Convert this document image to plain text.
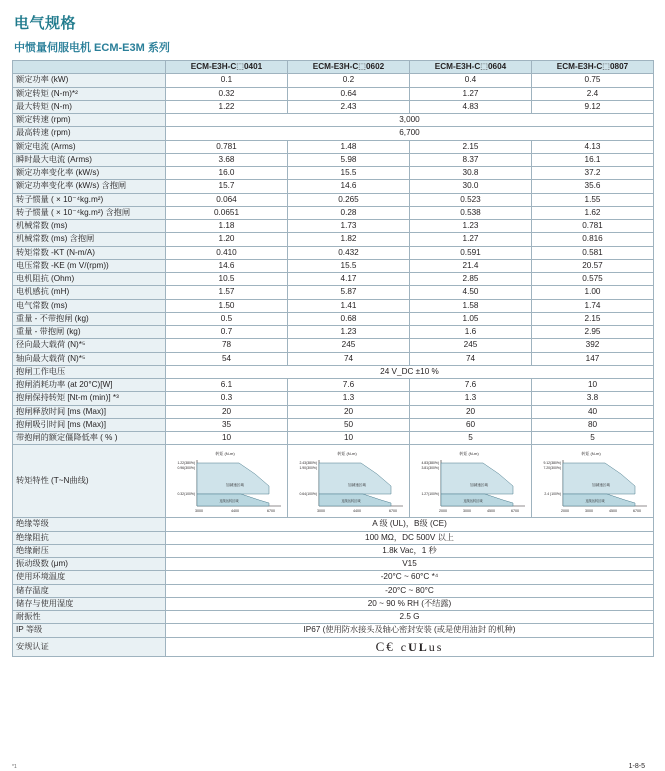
电气规格
中惯量伺服电机 ECM-E3M 系列
	ECM-E3H-C⬚0401	ECM-E3H-C⬚0602	ECM-E3H-C⬚0604	ECM-E3H-C⬚0807
额定功率 (kW)	0.1	0.2	0.4	0.75
额定转矩 (N-m)*²	0.32	0.64	1.27	2.4
最大转矩 (N-m)	1.22	2.43	4.83	9.12
额定转速 (rpm)	3,000			
最高转速 (rpm)	6,700			
额定电流 (Arms)	0.781	1.48	2.15	4.13
瞬时最大电流 (Arms)	3.68	5.98	8.37	16.1
额定功率变化率 (kW/s)	16.0	15.5	30.8	37.2
额定功率变化率 (kW/s) 含抱闸	15.7	14.6	30.0	35.6
转子惯量 ( × 10⁻⁴kg.m²)	0.064	0.265	0.523	1.55
转子惯量 ( × 10⁻⁴kg.m²) 含抱闸	0.0651	0.28	0.538	1.62
机械常数 (ms)	1.18	1.73	1.23	0.781
机械常数 (ms) 含抱闸	1.20	1.82	1.27	0.816
转矩常数 -KT (N-m/A)	0.410	0.432	0.591	0.581
电压常数 -KE (m V/(rpm))	14.6	15.5	21.4	20.57
电机阻抗 (Ohm)	10.5	4.17	2.85	0.575
电机感抗 (mH)	1.57	5.87	4.50	1.00
电气常数 (ms)	1.50	1.41	1.58	1.74
重量 - 不带抱闸 (kg)	0.5	0.68	1.05	2.15
重量 - 带抱闸 (kg)	0.7	1.23	1.6	2.95
径向最大载荷 (N)*⁵	78	245	245	392
轴向最大载荷 (N)*⁵	54	74	74	147
抱闸工作电压	24 V_DC ±10 %			
抱闸消耗功率 (at 20°C)[W]	6.1	7.6	7.6	10
抱闸保持转矩 [Nt-m (min)] *³	0.3	1.3	1.3	3.8
抱闸释放时间 [ms (Max)]	20	20	20	40
抱闸吸引时间 [ms (Max)]	35	50	60	80
带抱闸的额定僵降低率 ( % )	10	10	5	5
转矩特性 (T~N曲线)	
转矩 (N-m)
加减速区域
连续运转区域
1.22(380%)
0.96(300%)
0.32(100%)
3000	4400	6700

转矩 (N-m)
加减速区域
连续运转区域
2.43(380%)
1.90(300%)
0.64(100%)
3000	4400	6700

转矩 (N-m)
加减速区域
连续运转区域
4.83(380%)
3.81(300%)
1.27(100%)
2000	3000	4500	6700

转矩 (N-m)
加减速区域
连续运转区域
9.12(380%)
7.20(300%)
2.4 (100%)
2000	3000	4500	6700

绝缘等级	A 级 (UL)，B级 (CE)			
绝缘阻抗	100 MΩ，DC 500V 以上			
绝缘耐压	1.8k Vac，1 秒			
振动级数 (μm)	V15			
使用环境温度	-20°C ~ 60°C *⁴			
储存温度	-20°C ~ 80°C			
储存与使用湿度	20 ~ 90 % RH (不结露)			
耐振性	2.5 G			
IP 等级	IP67 (使用防水接头及轴心密封安装 (或是使用油封 的机种)			
安规认证	C€ cULus			
*1	1-8-5
